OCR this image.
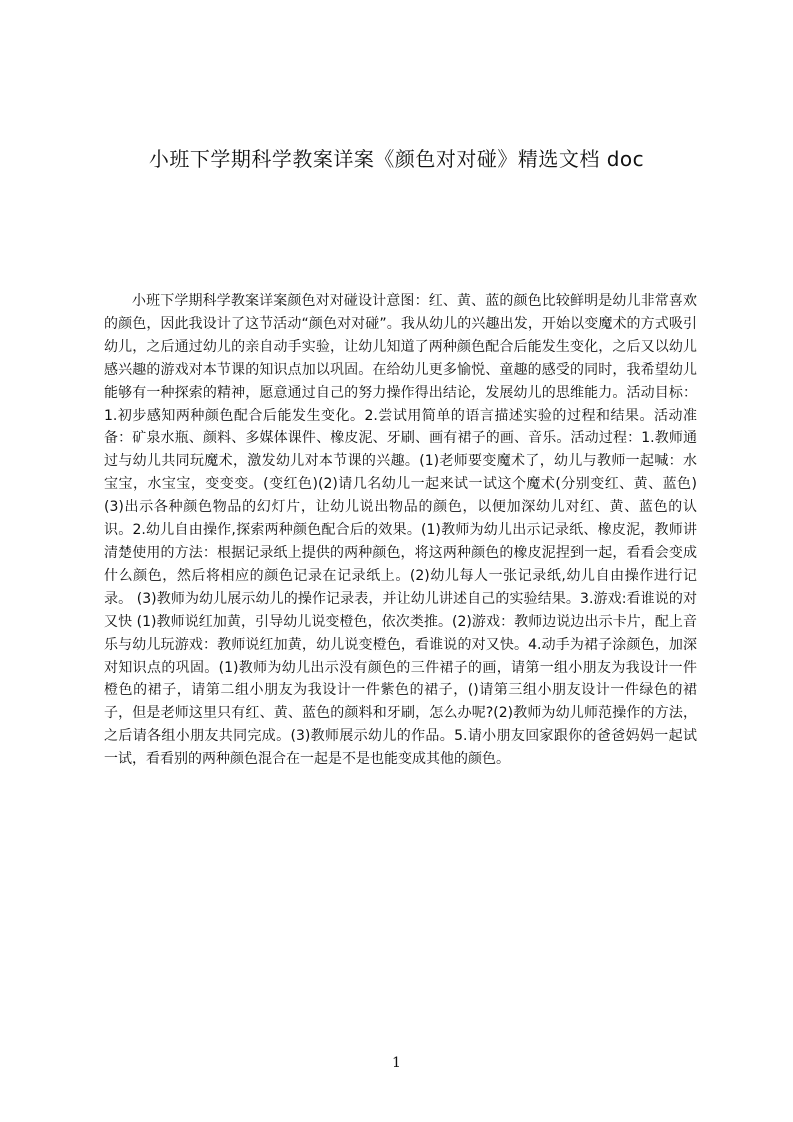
小班下学期科学教案详案《颜色对对碰》精选文档 doc

小班下学期科学教案详案颜色对对碰设计意图：红、黄、蓝的颜色比较鲜明是幼儿非常喜欢的颜色，因此我设计了这节活动“颜色对对碰”。我从幼儿的兴趣出发，开始以变魔术的方式吸引幼儿，之后通过幼儿的亲自动手实验，让幼儿知道了两种颜色配合后能发生变化，之后又以幼儿感兴趣的游戏对本节课的知识点加以巩固。在给幼儿更多愉悦、童趣的感受的同时，我希望幼儿能够有一种探索的精神，愿意通过自己的努力操作得出结论，发展幼儿的思维能力。活动目标：1.初步感知两种颜色配合后能发生变化。2.尝试用简单的语言描述实验的过程和结果。活动准备：矿泉水瓶、颜料、多媒体课件、橡皮泥、牙刷、画有裙子的画、音乐。活动过程：1.教师通过与幼儿共同玩魔术，激发幼儿对本节课的兴趣。(1)老师要变魔术了，幼儿与教师一起喊：水宝宝，水宝宝，变变变。(变红色)(2)请几名幼儿一起来试一试这个魔术(分别变红、黄、蓝色)(3)出示各种颜色物品的幻灯片，让幼儿说出物品的颜色，以便加深幼儿对红、黄、蓝色的认识。2.幼儿自由操作,探索两种颜色配合后的效果。(1)教师为幼儿出示记录纸、橡皮泥，教师讲清楚使用的方法：根据记录纸上提供的两种颜色，将这两种颜色的橡皮泥捏到一起，看看会变成什么颜色，然后将相应的颜色记录在记录纸上。(2)幼儿每人一张记录纸,幼儿自由操作进行记录。 (3)教师为幼儿展示幼儿的操作记录表，并让幼儿讲述自己的实验结果。3.游戏:看谁说的对又快 (1)教师说红加黄，引导幼儿说变橙色，依次类推。(2)游戏：教师边说边出示卡片，配上音乐与幼儿玩游戏：教师说红加黄，幼儿说变橙色，看谁说的对又快。4.动手为裙子涂颜色，加深对知识点的巩固。(1)教师为幼儿出示没有颜色的三件裙子的画，请第一组小朋友为我设计一件橙色的裙子，请第二组小朋友为我设计一件紫色的裙子，()请第三组小朋友设计一件绿色的裙子，但是老师这里只有红、黄、蓝色的颜料和牙刷，怎么办呢?(2)教师为幼儿师范操作的方法，之后请各组小朋友共同完成。(3)教师展示幼儿的作品。5.请小朋友回家跟你的爸爸妈妈一起试一试，看看别的两种颜色混合在一起是不是也能变成其他的颜色。

1
